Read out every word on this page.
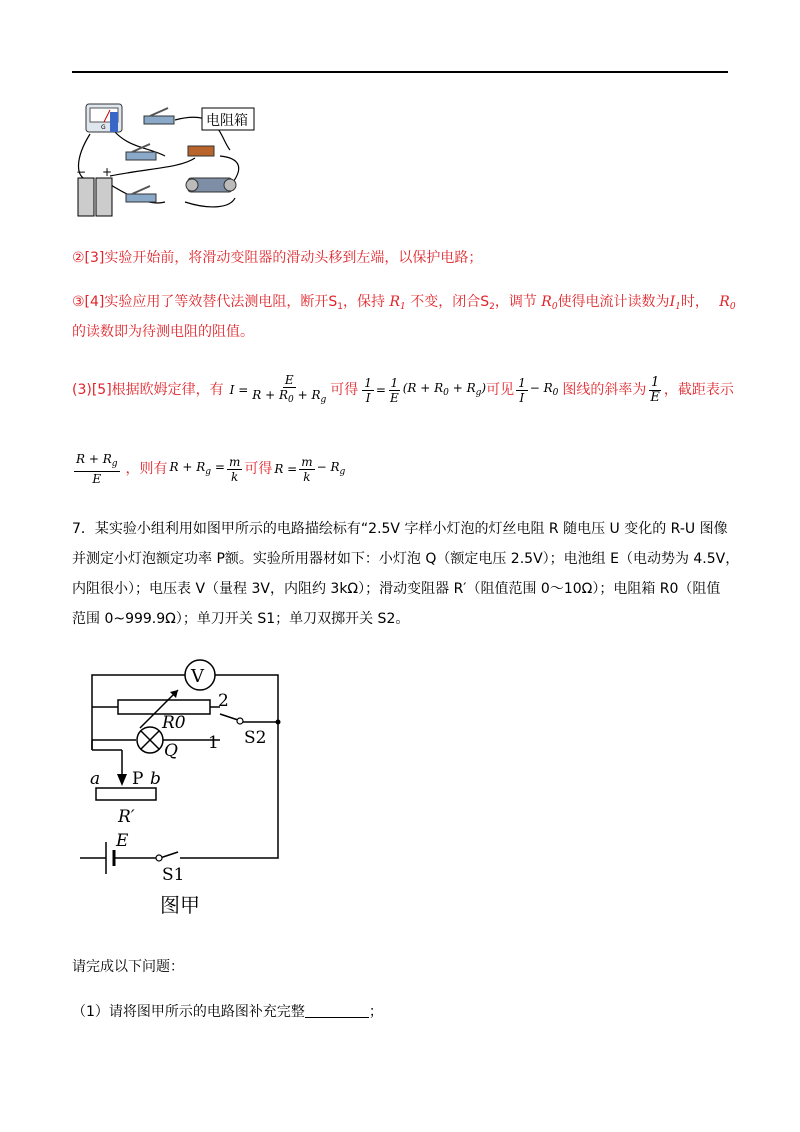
G
− +
电阻箱
②[3]实验开始前，将滑动变阻器的滑动头移到左端，以保护电路；
③[4]实验应用了等效替代法测电阻，断开$S_1$，保持 $R_1$ 不变，闭合$S_2$，调节 $R_0$使得电流计读数为$I_1$时， $R_0$
的读数即为待测电阻的阻值。
(3)[5]根据欧姆定律，有 $I = \frac{E}{R + R_0 + R_g}$ 可得 $\frac{1}{I} = \frac{1}{E} (R + R_0 + R_g)$ 可见 $\frac{1}{I} - R_0$ 图线的斜率为 $\frac{1}{E}$ ，截距表示
$\frac{R + R_g}{E}$ ，则有 $R + R_g = \frac{m}{k}$ 可得 $R = \frac{m}{k} - R_g$
7．某实验小组利用如图甲所示的电路描绘标有“2.5V 字样小灯泡的灯丝电阻 R 随电压 U 变化的 R-U 图像
并测定小灯泡额定功率 P额。实验所用器材如下：小灯泡 Q（额定电压 2.5V）；电池组 E（电动势为 4.5V，
内阻很小）；电压表 V（量程 3V，内阻约 3kΩ）；滑动变阻器 R′（阻值范围 0～10Ω）；电阻箱 R0（阻值
范围 0~999.9Ω）；单刀开关 S1；单刀双掷开关 S2。
V
2
1
R0
Q
S2
a P b
R′
E
S1
图甲
请完成以下问题：
（1）请将图甲所示的电路图补充完整	；
